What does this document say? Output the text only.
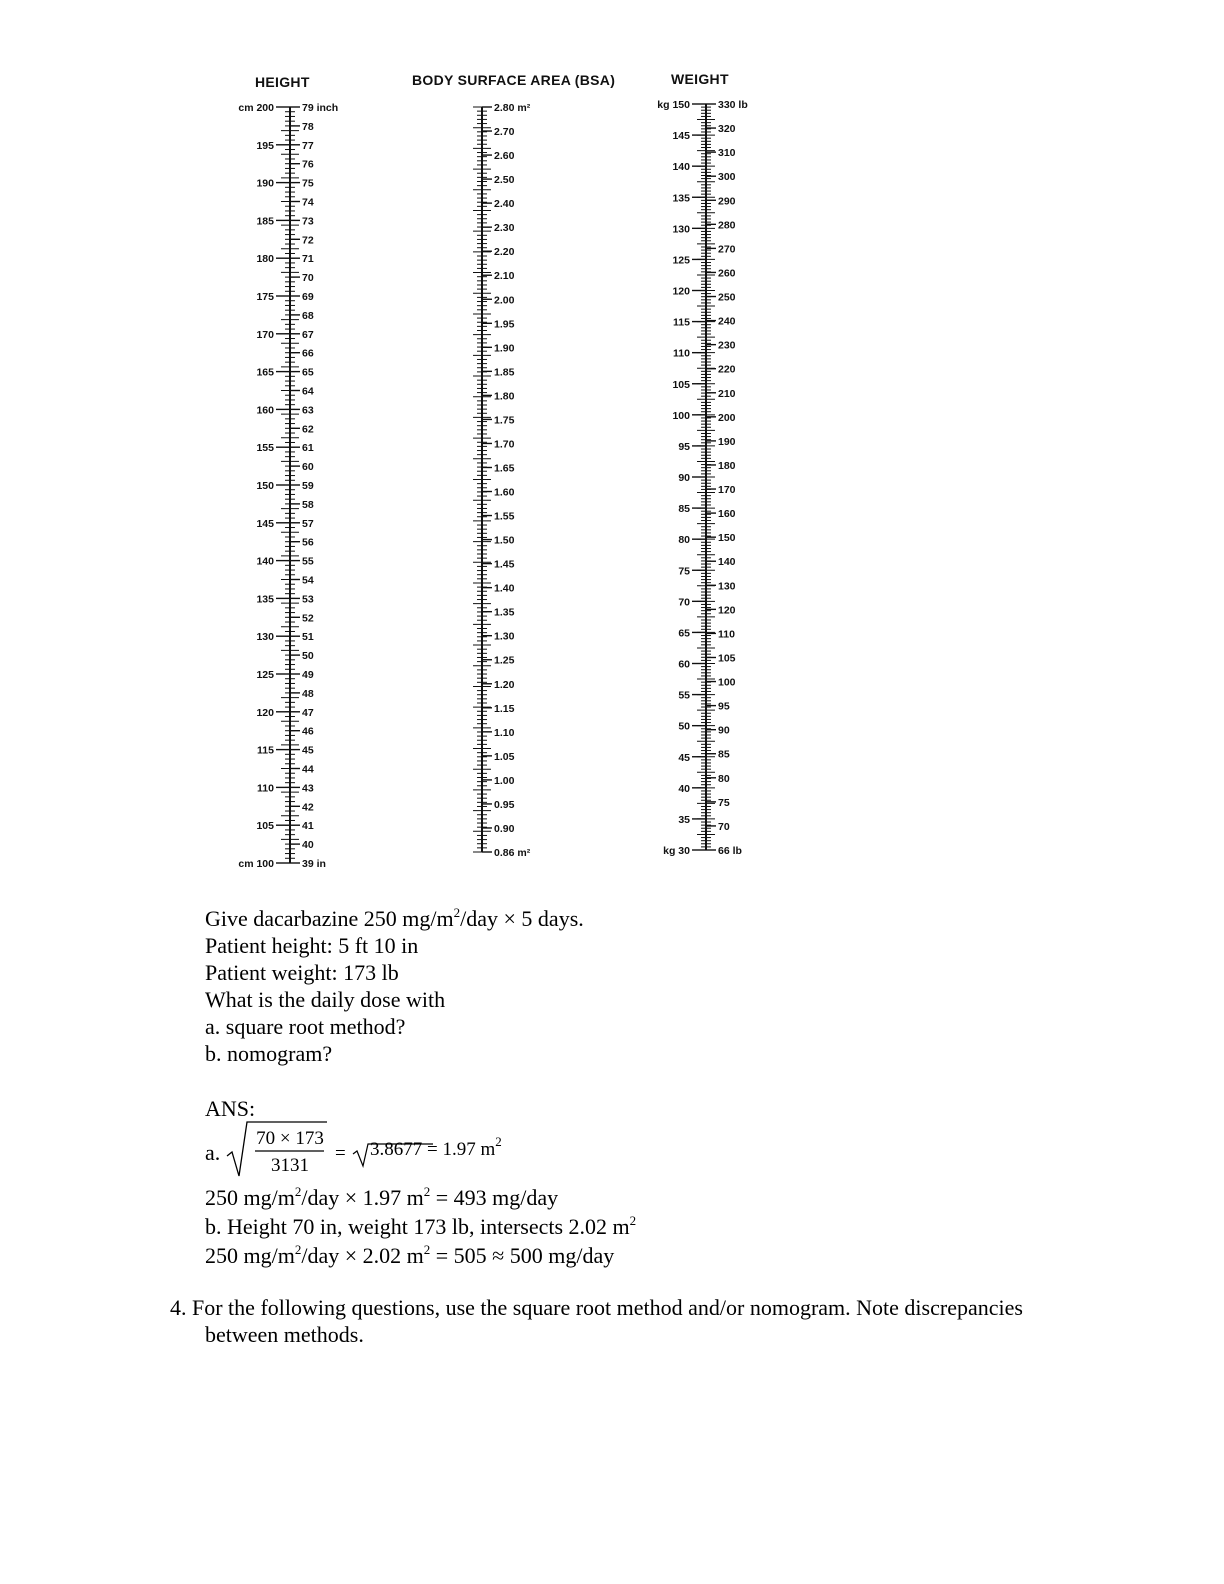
HEIGHT	BODY SURFACE AREA (BSA)	WEIGHT
cm 200
195
190
185
180
175
170
165
160
155
150
145
140
135
130
125
120
115
110
105
cm 100
79 inch
78
77
76
75
74
73
72
71
70
69
68
67
66
65
64
63
62
61
60
59
58
57
56
55
54
53
52
51
50
49
48
47
46
45
44
43
42
41
40
39 in
2.80 m²
2.70
2.60
2.50
2.40
2.30
2.20
2.10
2.00
1.95
1.90
1.85
1.80
1.75
1.70
1.65
1.60
1.55
1.50
1.45
1.40
1.35
1.30
1.25
1.20
1.15
1.10
1.05
1.00
0.95
0.90
0.86 m²
kg 150
145
140
135
130
125
120
115
110
105
100
95
90
85
80
75
70
65
60
55
50
45
40
35
kg 30
330 lb
320
310
300
290
280
270
260
250
240
230
220
210
200
190
180
170
160
150
140
130
120
110
105
100
95
90
85
80
75
70
66 lb
Give dacarbazine 250 $mg/m^2$/day × 5 days.
Patient height: 5 ft 10 in
Patient weight: 173 lb
What is the daily dose with
a. square root method?
b. nomogram?
ANS:
a.
70 × 173
3131
= 3.8677 = 1.97 $m^2$
250 $mg/m^2$/day × 1.97 $m^2 = 493$ mg/day
b. Height 70 in, weight 173 lb, intersects 2.02 $m^2$
250 $mg/m^2$/day × 2.02 $m^2 = 505 \approx 500$ mg/day
4. For the following questions, use the square root method and/or nomogram. Note discrepancies
between methods.
